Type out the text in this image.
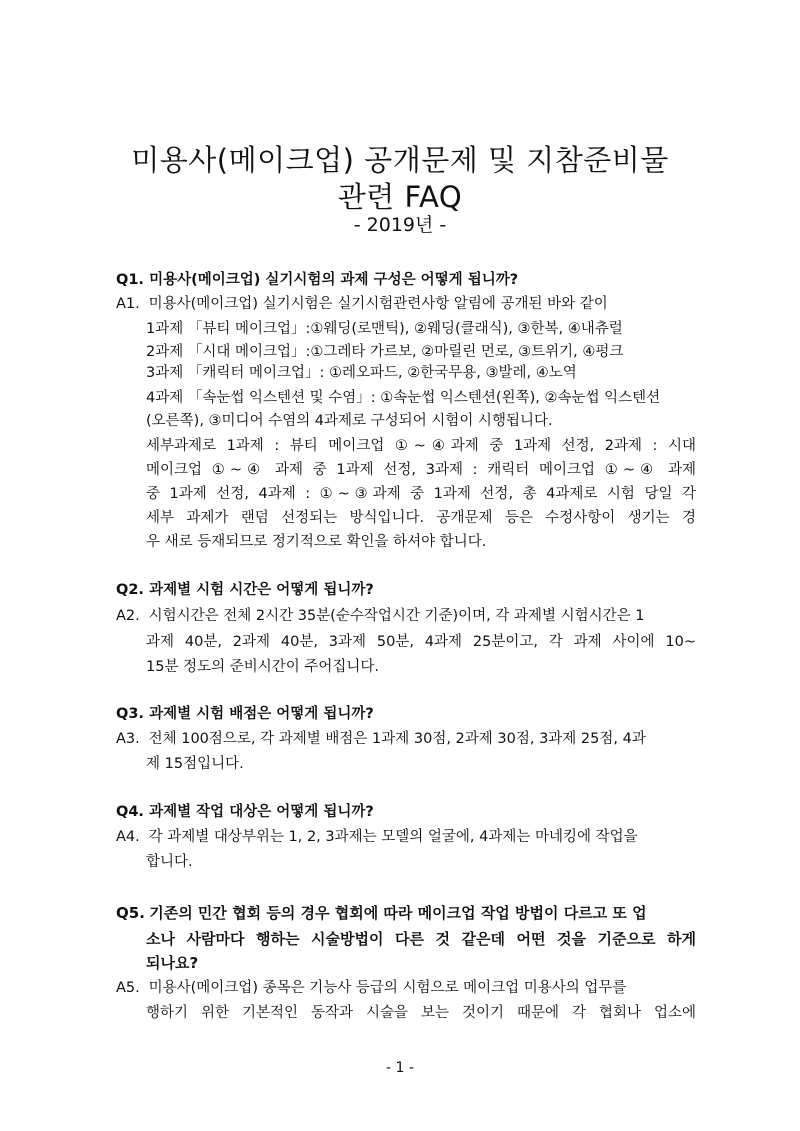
미용사(메이크업) 공개문제 및 지참준비물
관련 FAQ
- 2019년 -
Q1. 미용사(메이크업) 실기시험의 과제 구성은 어떻게 됩니까?
A1. 미용사(메이크업) 실기시험은 실기시험관련사항 알림에 공개된 바와 같이
1과제 「뷰티 메이크업」:①웨딩(로맨틱), ②웨딩(클래식), ③한복, ④내츄럴
2과제 「시대 메이크업」:①그레타 가르보, ②마릴린 먼로, ③트위기, ④펑크
3과제 「캐릭터 메이크업」: ①레오파드, ②한국무용, ③발레, ④노역
4과제 「속눈썹 익스텐션 및 수염」: ①속눈썹 익스텐션(왼쪽), ②속눈썹 익스텐션
(오른쪽), ③미디어 수염의 4과제로 구성되어 시험이 시행됩니다.
세부과제로 1과제 : 뷰티 메이크업 ①~④과제 중 1과제 선정, 2과제 : 시대
메이크업 ①~④ 과제 중 1과제 선정, 3과제 : 캐릭터 메이크업 ①~④ 과제
중 1과제 선정, 4과제 : ①~③과제 중 1과제 선정, 총 4과제로 시험 당일 각
세부 과제가 랜덤 선정되는 방식입니다. 공개문제 등은 수정사항이 생기는 경
우 새로 등재되므로 정기적으로 확인을 하셔야 합니다.
Q2. 과제별 시험 시간은 어떻게 됩니까?
A2. 시험시간은 전체 2시간 35분(순수작업시간 기준)이며, 각 과제별 시험시간은 1
과제 40분, 2과제 40분, 3과제 50분, 4과제 25분이고, 각 과제 사이에 10~
15분 정도의 준비시간이 주어집니다.
Q3. 과제별 시험 배점은 어떻게 됩니까?
A3. 전체 100점으로, 각 과제별 배점은 1과제 30점, 2과제 30점, 3과제 25점, 4과
제 15점입니다.
Q4. 과제별 작업 대상은 어떻게 됩니까?
A4. 각 과제별 대상부위는 1, 2, 3과제는 모델의 얼굴에, 4과제는 마네킹에 작업을
합니다.
Q5. 기존의 민간 협회 등의 경우 협회에 따라 메이크업 작업 방법이 다르고 또 업
소나 사람마다 행하는 시술방법이 다른 것 같은데 어떤 것을 기준으로 하게
되나요?
A5. 미용사(메이크업) 종목은 기능사 등급의 시험으로 메이크업 미용사의 업무를
행하기 위한 기본적인 동작과 시술을 보는 것이기 때문에 각 협회나 업소에
- 1 -
